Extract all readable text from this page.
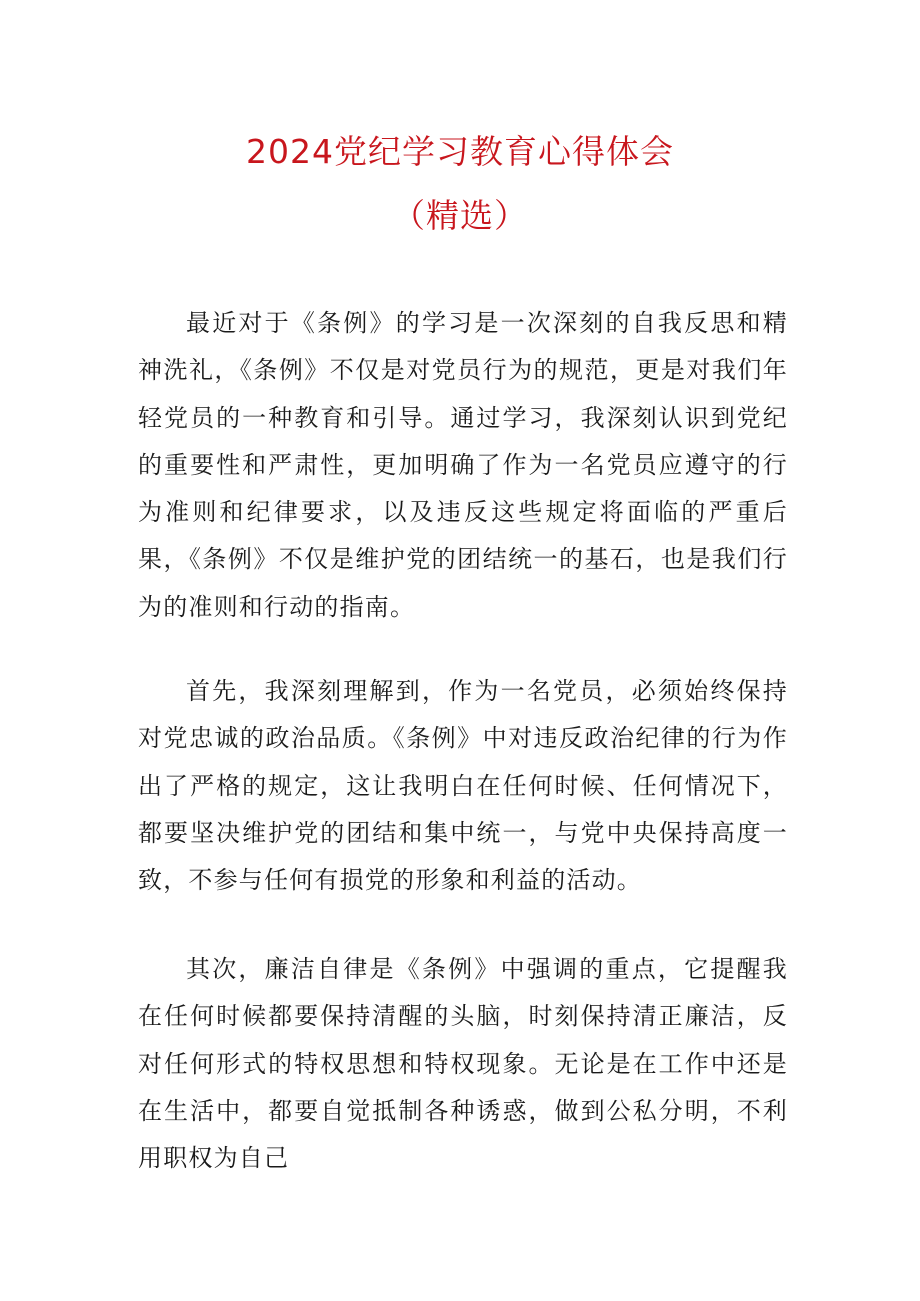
2024党纪学习教育心得体会
（精选）

最近对于《条例》的学习是一次深刻的自我反思和精神洗礼，《条例》不仅是对党员行为的规范，更是对我们年轻党员的一种教育和引导。通过学习，我深刻认识到党纪的重要性和严肃性，更加明确了作为一名党员应遵守的行为准则和纪律要求，以及违反这些规定将面临的严重后果，《条例》不仅是维护党的团结统一的基石，也是我们行为的准则和行动的指南。

首先，我深刻理解到，作为一名党员，必须始终保持对党忠诚的政治品质。《条例》中对违反政治纪律的行为作出了严格的规定，这让我明白在任何时候、任何情况下，都要坚决维护党的团结和集中统一，与党中央保持高度一致，不参与任何有损党的形象和利益的活动。

其次，廉洁自律是《条例》中强调的重点，它提醒我在任何时候都要保持清醒的头脑，时刻保持清正廉洁，反对任何形式的特权思想和特权现象。无论是在工作中还是在生活中，都要自觉抵制各种诱惑，做到公私分明，不利用职权为自己
